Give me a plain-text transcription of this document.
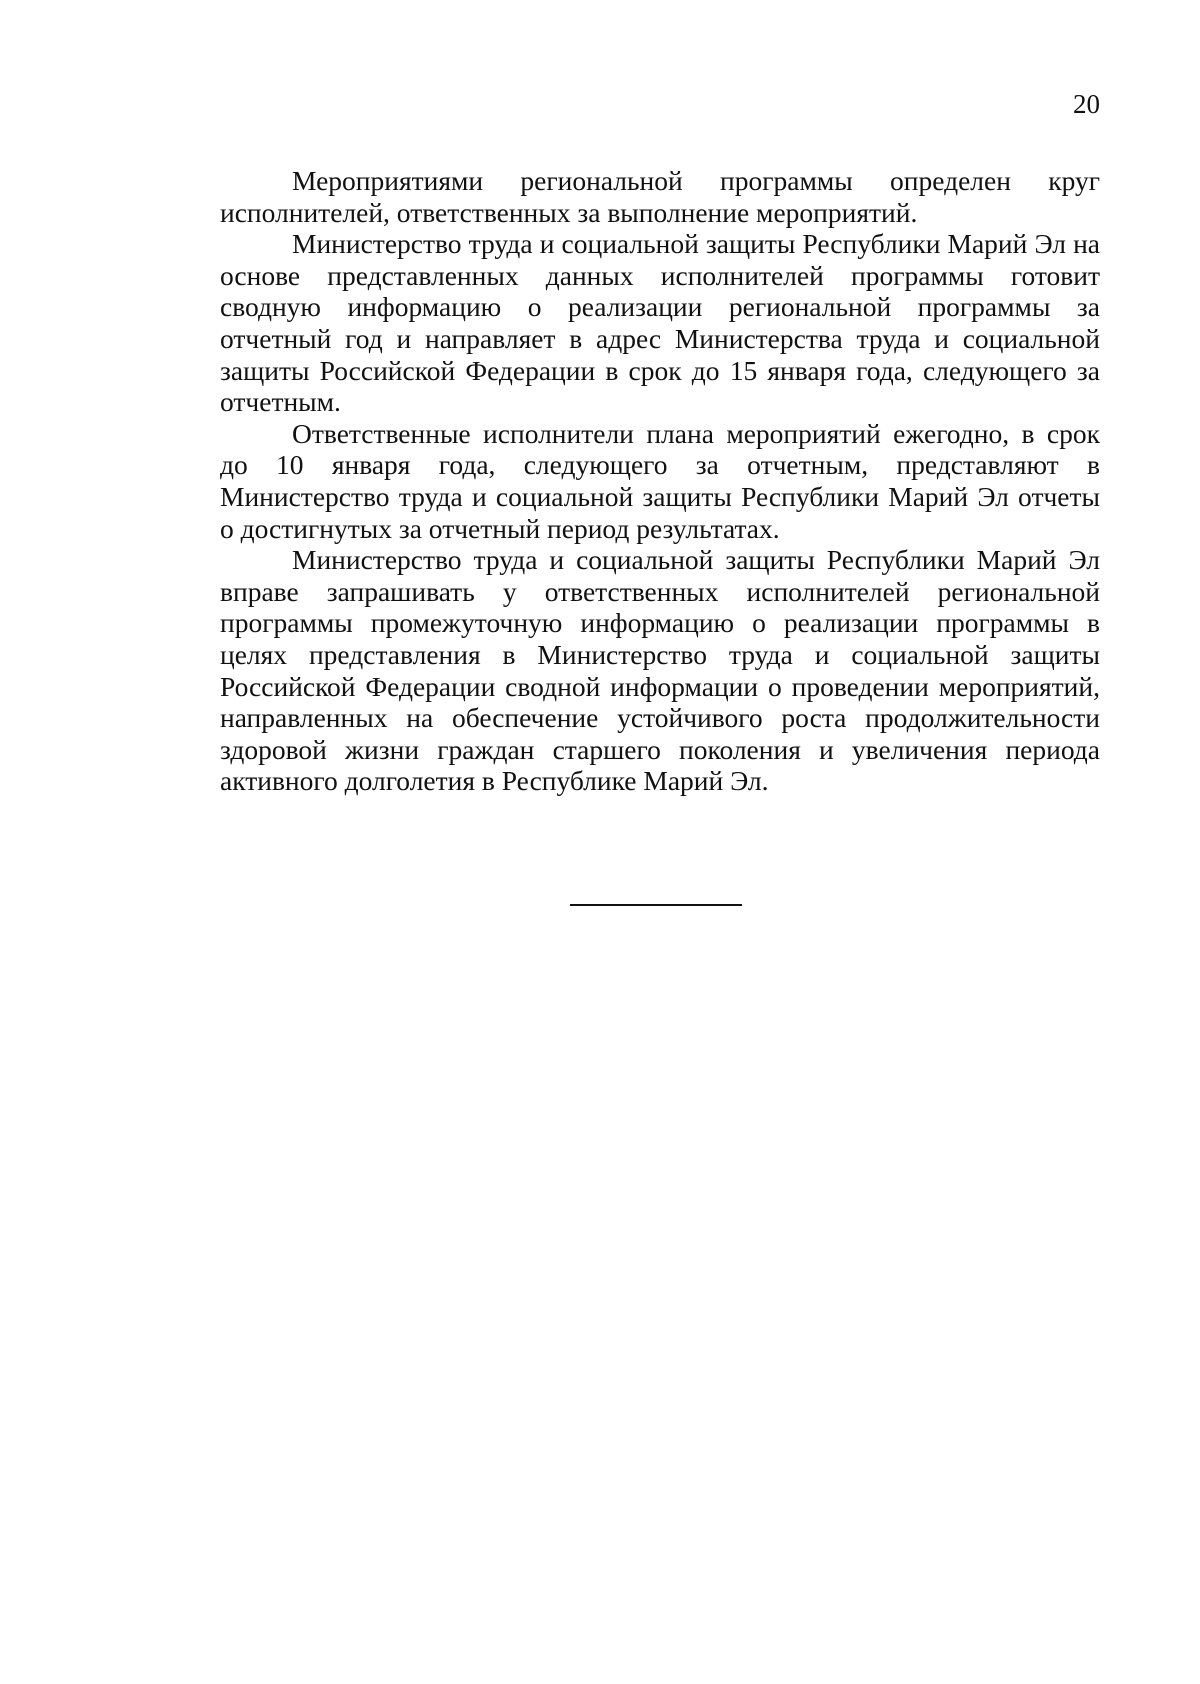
20

Мероприятиями региональной программы определен круг исполнителей, ответственных за выполнение мероприятий.

Министерство труда и социальной защиты Республики Марий Эл на основе представленных данных исполнителей программы готовит сводную информацию о реализации региональной программы за отчетный год и направляет в адрес Министерства труда и социальной защиты Российской Федерации в срок до 15 января года, следующего за отчетным.

Ответственные исполнители плана мероприятий ежегодно, в срок до 10 января года, следующего за отчетным, представляют в Министерство труда и социальной защиты Республики Марий Эл отчеты о достигнутых за отчетный период результатах.

Министерство труда и социальной защиты Республики Марий Эл вправе запрашивать у ответственных исполнителей региональной программы промежуточную информацию о реализации программы в целях представления в Министерство труда и социальной защиты Российской Федерации сводной информации о проведении мероприятий, направленных на обеспечение устойчивого роста продолжительности здоровой жизни граждан старшего поколения и увеличения периода активного долголетия в Республике Марий Эл.
